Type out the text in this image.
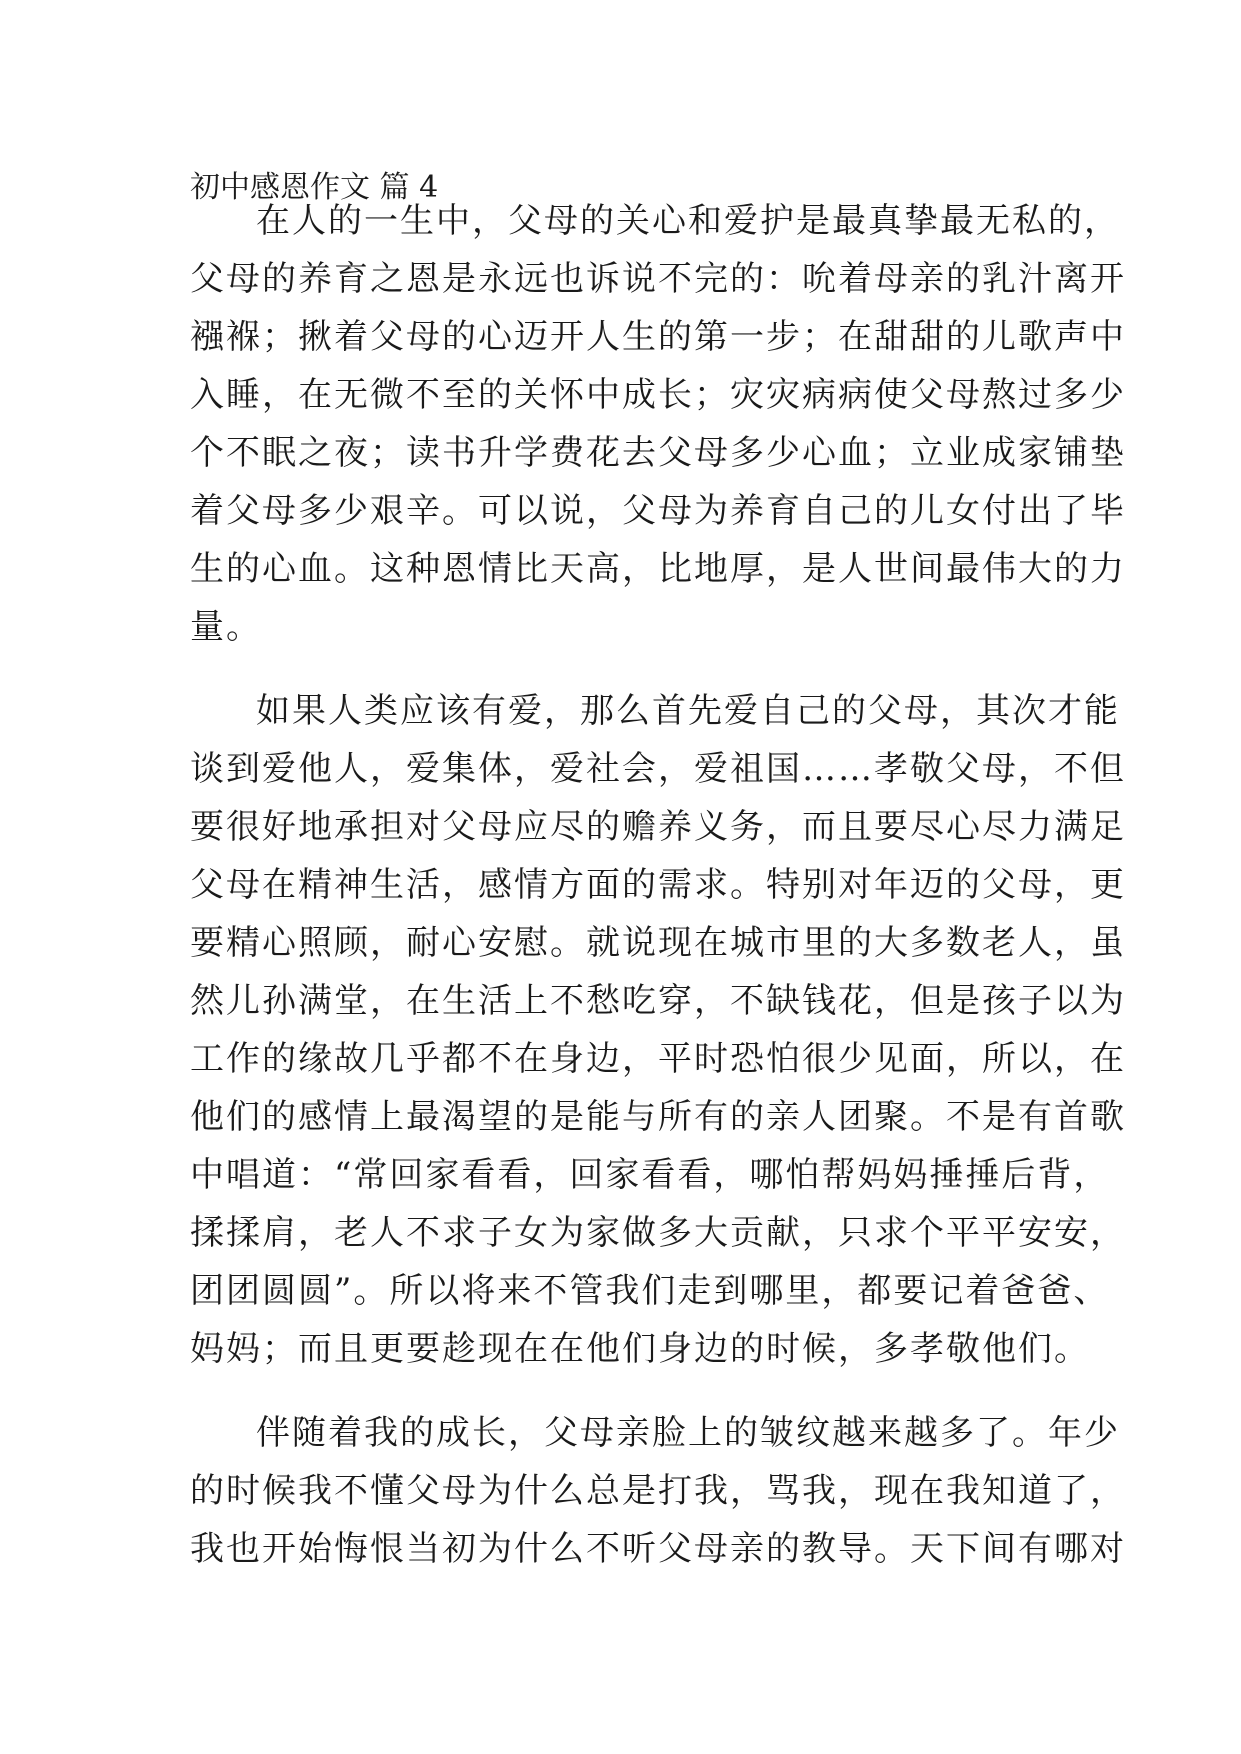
初中感恩作文 篇 4
在人的一生中，父母的关心和爱护是最真挚最无私的，
父母的养育之恩是永远也诉说不完的：吮着母亲的乳汁离开
襁褓；揪着父母的心迈开人生的第一步；在甜甜的儿歌声中
入睡，在无微不至的关怀中成长；灾灾病病使父母熬过多少
个不眠之夜；读书升学费花去父母多少心血；立业成家铺垫
着父母多少艰辛。可以说，父母为养育自己的儿女付出了毕
生的心血。这种恩情比天高，比地厚，是人世间最伟大的力
量。
如果人类应该有爱，那么首先爱自己的父母，其次才能
谈到爱他人，爱集体，爱社会，爱祖国……孝敬父母，不但
要很好地承担对父母应尽的赡养义务，而且要尽心尽力满足
父母在精神生活，感情方面的需求。特别对年迈的父母，更
要精心照顾，耐心安慰。就说现在城市里的大多数老人，虽
然儿孙满堂，在生活上不愁吃穿，不缺钱花，但是孩子以为
工作的缘故几乎都不在身边，平时恐怕很少见面，所以，在
他们的感情上最渴望的是能与所有的亲人团聚。不是有首歌
中唱道：“常回家看看，回家看看，哪怕帮妈妈捶捶后背，
揉揉肩，老人不求子女为家做多大贡献，只求个平平安安，
团团圆圆”。所以将来不管我们走到哪里，都要记着爸爸、
妈妈；而且更要趁现在在他们身边的时候，多孝敬他们。
伴随着我的成长，父母亲脸上的皱纹越来越多了。年少
的时候我不懂父母为什么总是打我，骂我，现在我知道了，
我也开始悔恨当初为什么不听父母亲的教导。天下间有哪对
